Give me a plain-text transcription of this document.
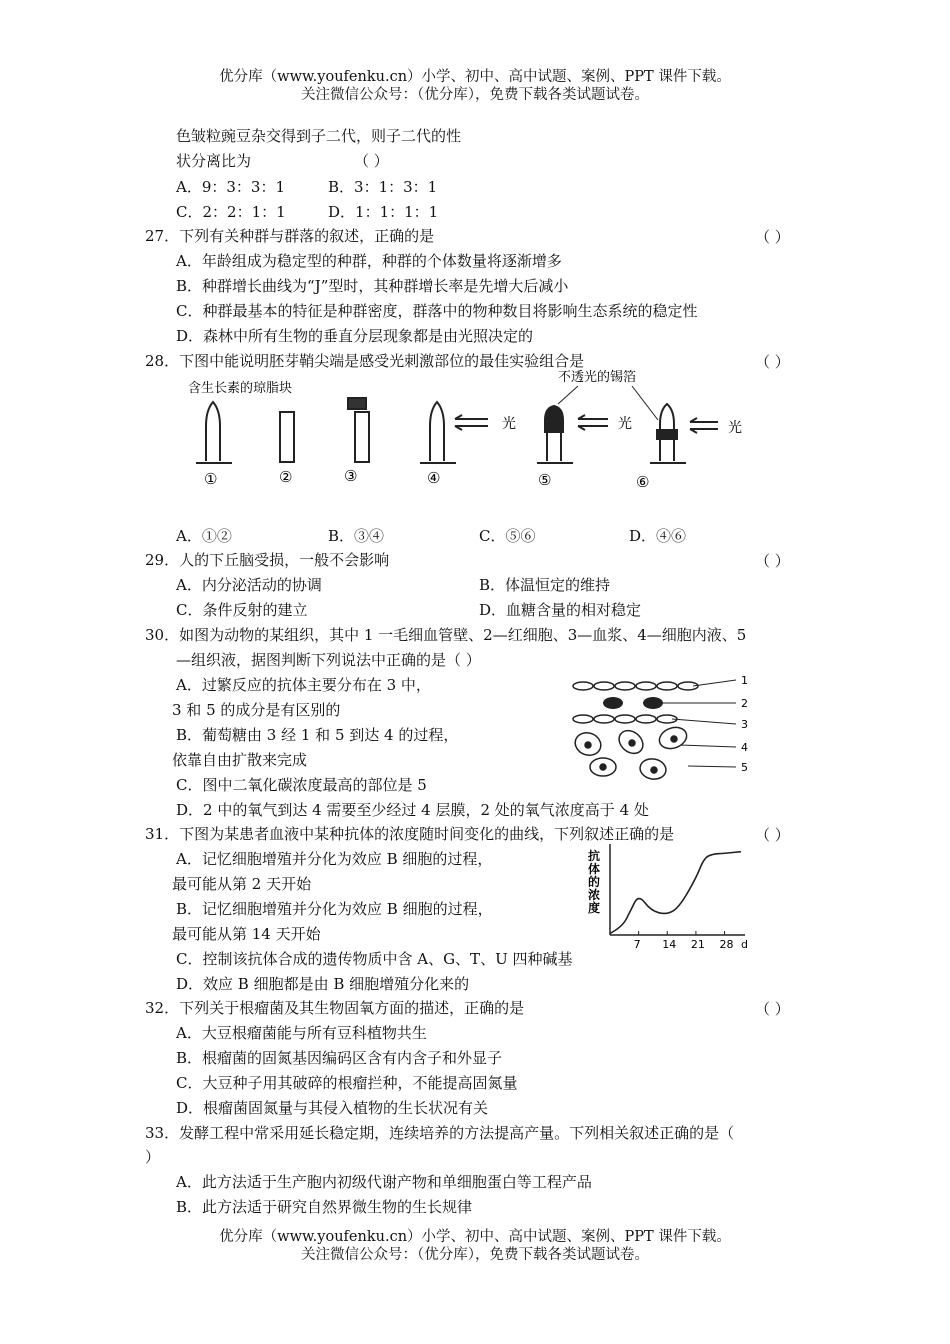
优分库（www.youfenku.cn）小学、初中、高中试题、案例、PPT 课件下载。
关注微信公众号：（优分库），免费下载各类试题试卷。
色皱粒豌豆杂交得到子二代，则子二代的性
状分离比为	（ ）
A．9：3：3：1	B．3：1：3：1
C．2：2：1：1	D．1：1：1：1
27．下列有关种群与群落的叙述，正确的是	（ ）
A．年龄组成为稳定型的种群，种群的个体数量将逐渐增多
B．种群增长曲线为“J”型时，其种群增长率是先增大后减小
C．种群最基本的特征是种群密度，群落中的物种数目将影响生态系统的稳定性
D．森林中所有生物的垂直分层现象都是由光照决定的
28．下图中能说明胚芽鞘尖端是感受光刺激部位的最佳实验组合是	（ ）
含生长素的琼脂块
不透光的锡箔
光	光	光
①	②	③	④	⑤	⑥
A．①②	B．③④	C．⑤⑥	D．④⑥
29．人的下丘脑受损，一般不会影响	（ ）
A．内分泌活动的协调	B．体温恒定的维持
C．条件反射的建立	D．血糖含量的相对稳定
30．如图为动物的某组织，其中 1 一毛细血管壁、2—红细胞、3—血浆、4—细胞内液、5
—组织液，据图判断下列说法中正确的是（ ）
A．过繁反应的抗体主要分布在 3 中，
3 和 5 的成分是有区别的
B．葡萄糖由 3 经 1 和 5 到达 4 的过程，
依靠自由扩散来完成
C．图中二氧化碳浓度最高的部位是 5
D．2 中的氧气到达 4 需要至少经过 4 层膜，2 处的氧气浓度高于 4 处
1
2
3
4
5
31．下图为某患者血液中某种抗体的浓度随时间变化的曲线，下列叙述正确的是	（ ）
A．记忆细胞增殖并分化为效应 B 细胞的过程，
最可能从第 2 天开始
B．记忆细胞增殖并分化为效应 B 细胞的过程，
最可能从第 14 天开始
C．控制该抗体合成的遗传物质中含 A、G、T、U 四种碱基
D．效应 B 细胞都是由 B 细胞增殖分化来的
抗
体
的
浓
度
7 14 21 28 d
32．下列关于根瘤菌及其生物固氧方面的描述，正确的是	（ ）
A．大豆根瘤菌能与所有豆科植物共生
B．根瘤菌的固氮基因编码区含有内含子和外显子
C．大豆种子用其破碎的根瘤拦种，不能提高固氮量
D．根瘤菌固氮量与其侵入植物的生长状况有关
33．发酵工程中常采用延长稳定期，连续培养的方法提高产量。下列相关叙述正确的是（
）
A．此方法适于生产胞内初级代谢产物和单细胞蛋白等工程产品
B．此方法适于研究自然界微生物的生长规律
优分库（www.youfenku.cn）小学、初中、高中试题、案例、PPT 课件下载。
关注微信公众号：（优分库），免费下载各类试题试卷。
